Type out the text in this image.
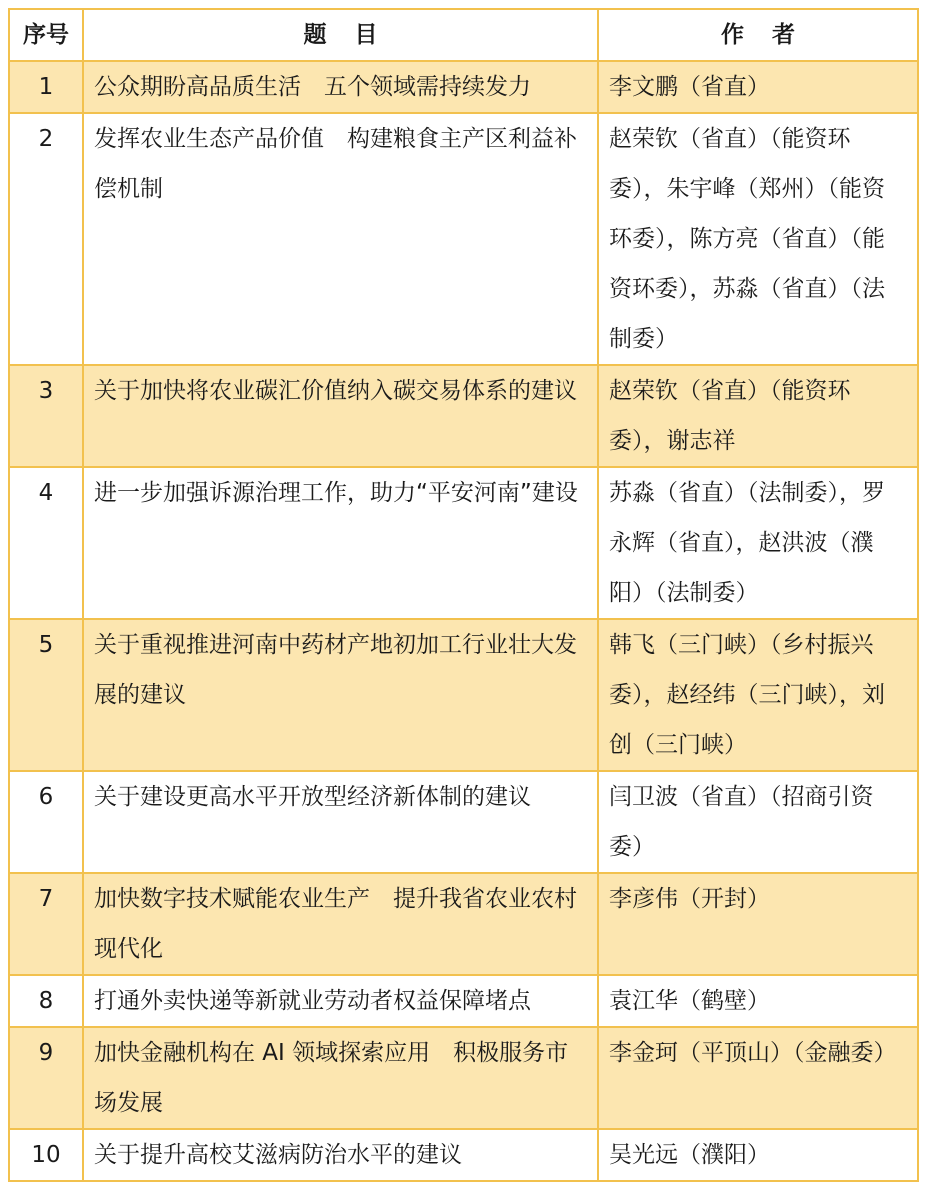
序号	题目	作者
1	公众期盼高品质生活　五个领域需持续发力	李文鹏（省直）
2	发挥农业生态产品价值　构建粮食主产区利益补偿机制	赵荣钦（省直）（能资环委），朱宇峰（郑州）（能资环委），陈方亮（省直）（能资环委），苏淼（省直）（法制委）
3	关于加快将农业碳汇价值纳入碳交易体系的建议	赵荣钦（省直）（能资环委），谢志祥
4	进一步加强诉源治理工作，助力“平安河南”建设	苏淼（省直）（法制委），罗永辉（省直），赵洪波（濮阳）（法制委）
5	关于重视推进河南中药材产地初加工行业壮大发展的建议	韩飞（三门峡）（乡村振兴委），赵经纬（三门峡），刘创（三门峡）
6	关于建设更高水平开放型经济新体制的建议	闫卫波（省直）（招商引资委）
7	加快数字技术赋能农业生产　提升我省农业农村现代化	李彦伟（开封）
8	打通外卖快递等新就业劳动者权益保障堵点	袁江华（鹤壁）
9	加快金融机构在 AI 领域探索应用　积极服务市场发展	李金珂（平顶山）（金融委）
10	关于提升高校艾滋病防治水平的建议	吴光远（濮阳）
